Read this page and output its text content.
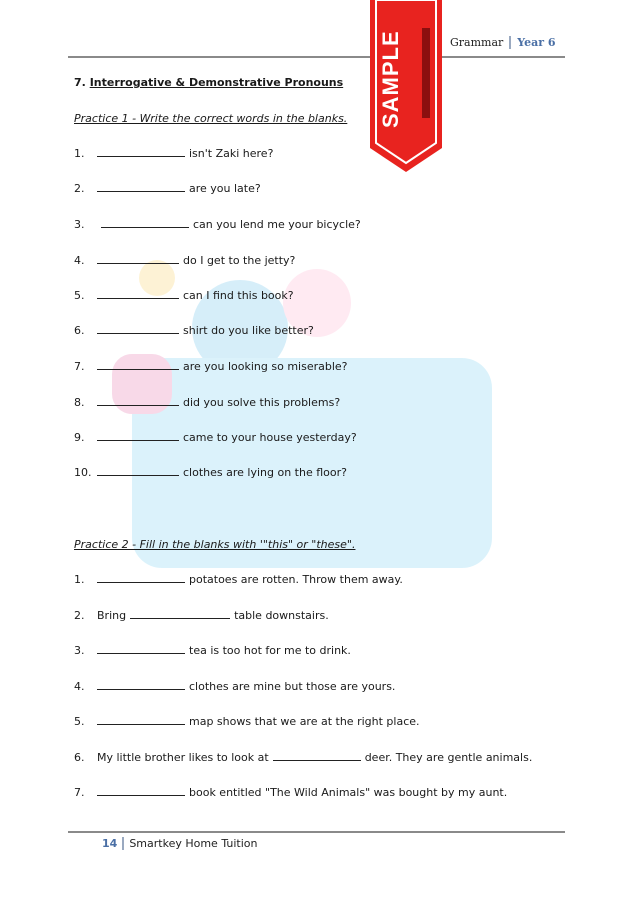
Grammar	Year 6
SAMPLE
7. Interrogative & Demonstrative Pronouns
Practice 1 - Write the correct words in the blanks.
1.	isn't Zaki here?
2.	are you late?
3.	can you lend me your bicycle?
4.	do I get to the jetty?
5.	can I find this book?
6.	shirt do you like better?
7.	are you looking so miserable?
8.	did you solve this problems?
9.	came to your house yesterday?
10.	clothes are lying on the floor?
Practice 2 - Fill in the blanks with '"this" or "these".
1.	potatoes are rotten. Throw them away.
2.	Bring	table downstairs.
3.	tea is too hot for me to drink.
4.	clothes are mine but those are yours.
5.	map shows that we are at the right place.
6.	My little brother likes to look at	deer. They are gentle animals.
7.	book entitled "The Wild Animals" was bought by my aunt.
14	Smartkey Home Tuition
